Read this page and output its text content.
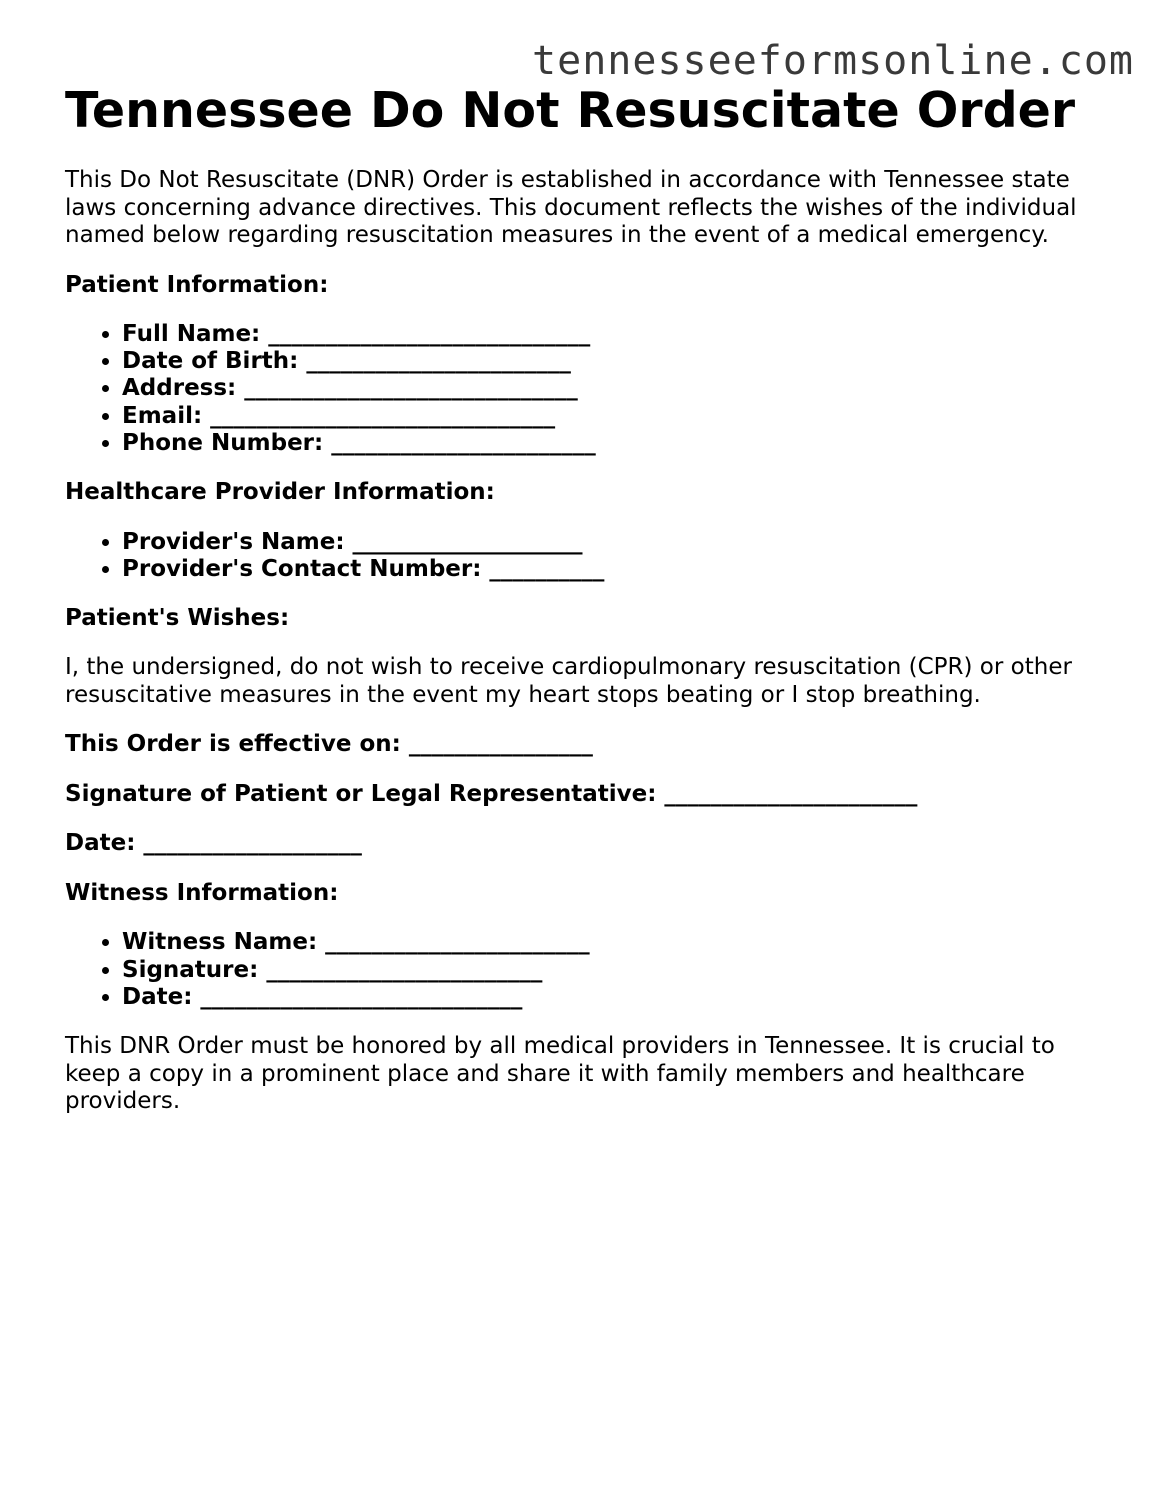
tennesseeformsonline.com
Tennessee Do Not Resuscitate Order

This Do Not Resuscitate (DNR) Order is established in accordance with Tennessee state laws concerning advance directives. This document reflects the wishes of the individual named below regarding resuscitation measures in the event of a medical emergency.

Patient Information:

• Full Name: ____________________________
• Date of Birth: _______________________
• Address: _____________________________
• Email: ______________________________
• Phone Number: _______________________

Healthcare Provider Information:

• Provider's Name: ____________________
• Provider's Contact Number: __________

Patient's Wishes:

I, the undersigned, do not wish to receive cardiopulmonary resuscitation (CPR) or other resuscitative measures in the event my heart stops beating or I stop breathing.

This Order is effective on: ________________

Signature of Patient or Legal Representative: ______________________

Date: ___________________

Witness Information:

• Witness Name: _______________________
• Signature: ________________________
• Date: ____________________________

This DNR Order must be honored by all medical providers in Tennessee. It is crucial to keep a copy in a prominent place and share it with family members and healthcare providers.
